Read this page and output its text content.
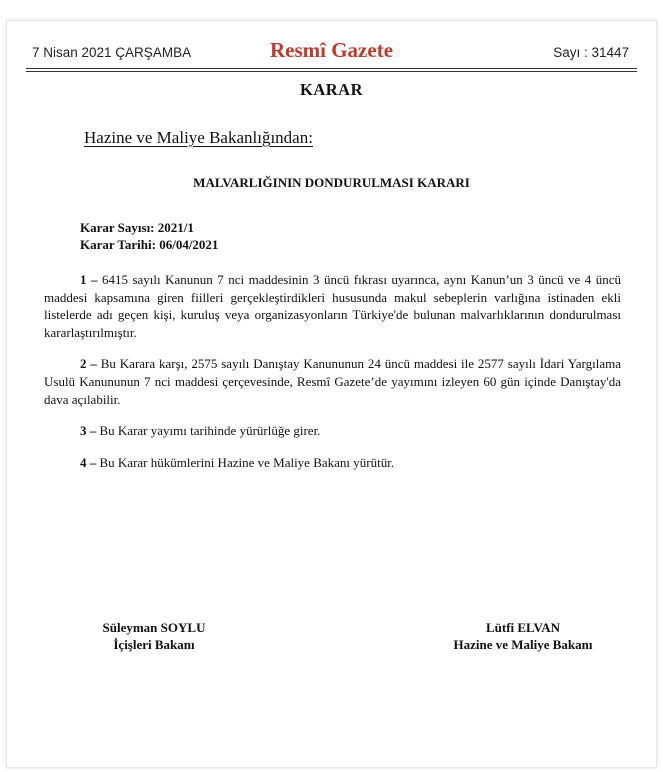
7 Nisan 2021 ÇARŞAMBA	Resmî Gazete	Sayı : 31447
KARAR
Hazine ve Maliye Bakanlığından:
MALVARLIĞININ DONDURULMASI KARARI
Karar Sayısı: 2021/1
Karar Tarihi: 06/04/2021

1 – 6415 sayılı Kanunun 7 nci maddesinin 3 üncü fıkrası uyarınca, aynı Kanun’un 3 üncü ve 4 üncü maddesi kapsamına giren fiilleri gerçekleştirdikleri hususunda makul sebeplerin varlığına istinaden ekli listelerde adı geçen kişi, kuruluş veya organizasyonların Türkiye'de bulunan malvarlıklarının dondurulması kararlaştırılmıştır.

2 – Bu Karara karşı, 2575 sayılı Danıştay Kanununun 24 üncü maddesi ile 2577 sayılı İdari Yargılama Usulü Kanununun 7 nci maddesi çerçevesinde, Resmî Gazete’de yayımını izleyen 60 gün içinde Danıştay'da dava açılabilir.

3 – Bu Karar yayımı tarihinde yürürlüğe girer.

4 – Bu Karar hükümlerini Hazine ve Maliye Bakanı yürütür.

Süleyman SOYLU
İçişleri Bakanı
Lütfi ELVAN
Hazine ve Maliye Bakanı
